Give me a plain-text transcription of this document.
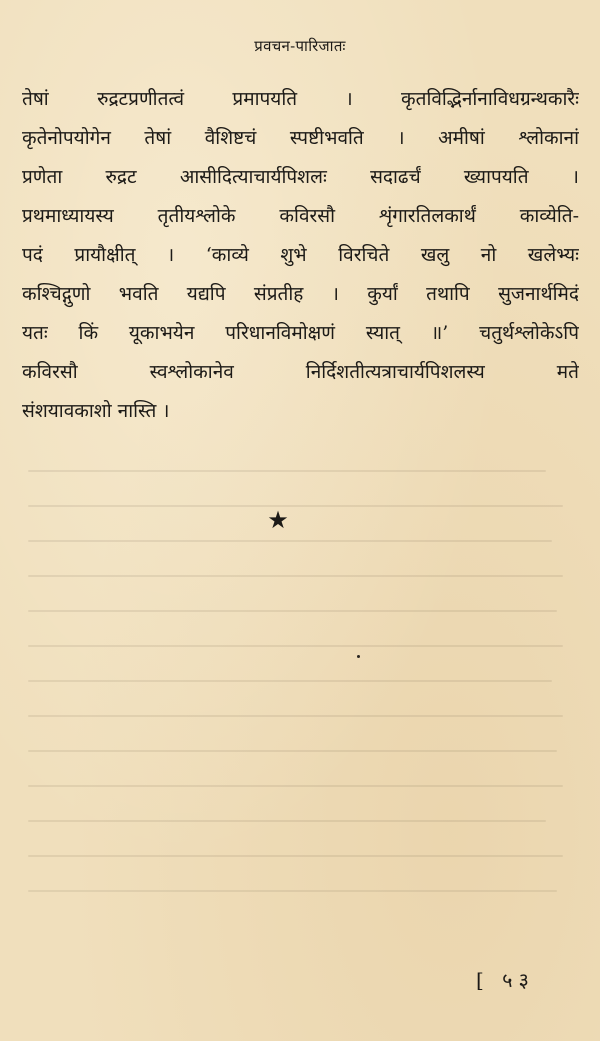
प्रवचन-पारिजातः
तेषां रुद्रटप्रणीतत्वं प्रमापयति । कृतविद्भिर्नानाविधग्रन्थकारैः
कृतेनोपयोगेन तेषां वैशिष्टचं स्पष्टीभवति । अमीषां श्लोकानां
प्रणेता रुद्रट आसीदित्याचार्यपिशलः सदाढर्चं ख्यापयति ।
प्रथमाध्यायस्य तृतीयश्लोके कविरसौ शृंगारतिलकार्थं काव्येति-
पदं प्रायौक्षीत् । ‘काव्ये शुभे विरचिते खलु नो खलेभ्यः
कश्चिद्गुणो भवति यद्यपि संप्रतीह । कुर्यां तथापि सुजनार्थमिदं
यतः किं यूकाभयेन परिधानविमोक्षणं स्यात् ॥’ चतुर्थश्लोकेऽपि
कविरसौ स्वश्लोकानेव निर्दिशतीत्यत्राचार्यपिशलस्य मते
संशयावकाशो नास्ति ।
★
[ ५३
